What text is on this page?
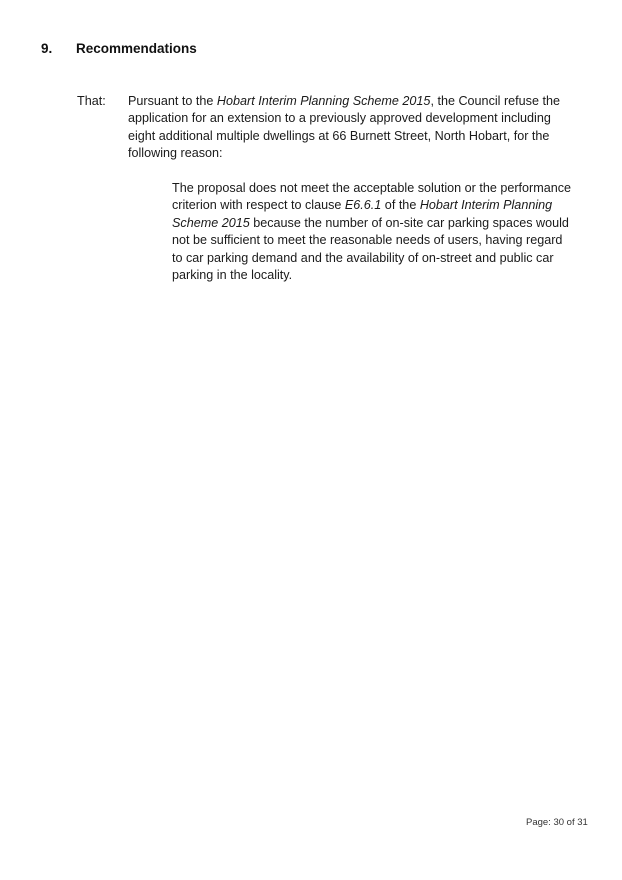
9. Recommendations
That: Pursuant to the Hobart Interim Planning Scheme 2015, the Council refuse the application for an extension to a previously approved development including eight additional multiple dwellings at 66 Burnett Street, North Hobart, for the following reason:
The proposal does not meet the acceptable solution or the performance criterion with respect to clause E6.6.1 of the Hobart Interim Planning Scheme 2015 because the number of on-site car parking spaces would not be sufficient to meet the reasonable needs of users, having regard to car parking demand and the availability of on-street and public car parking in the locality.
Page: 30 of 31
